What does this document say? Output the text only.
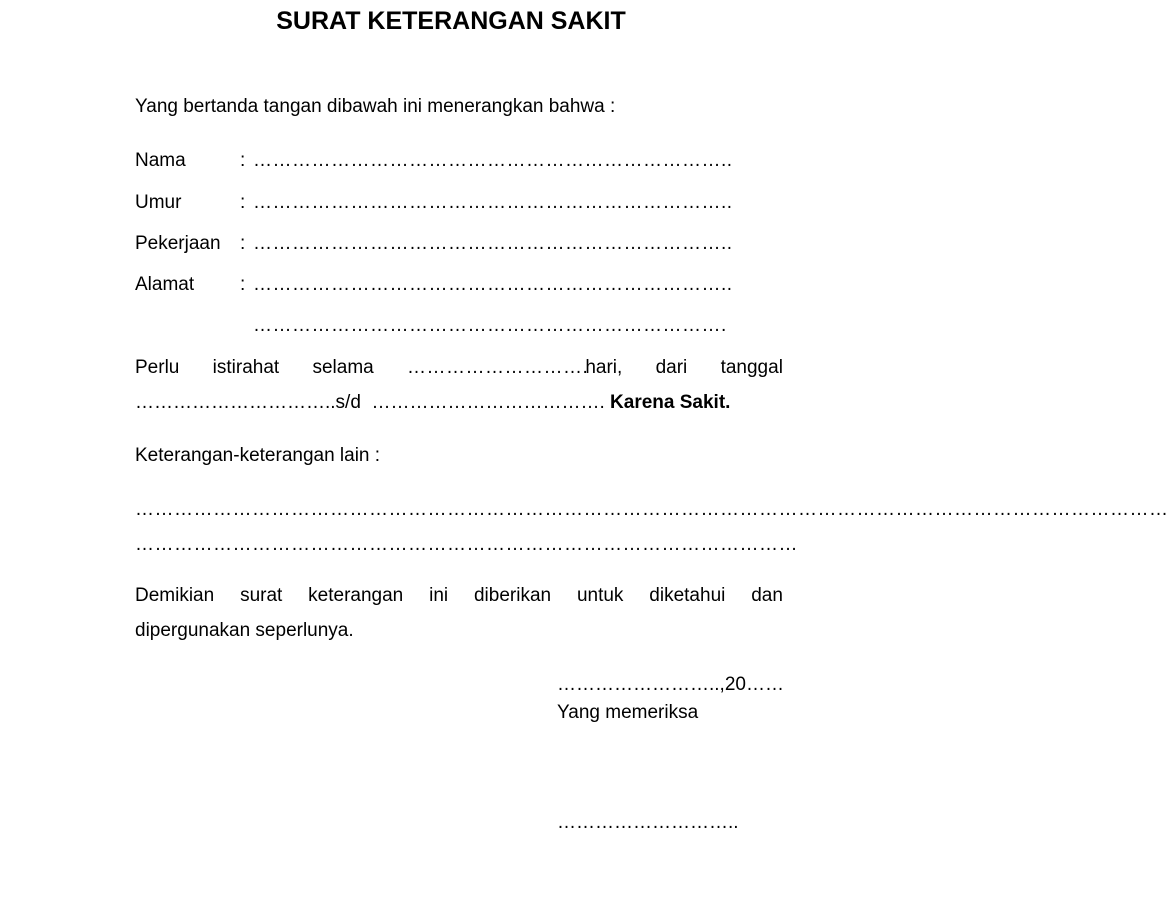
SURAT KETERANGAN SAKIT
Yang bertanda tangan dibawah ini menerangkan bahwa :
Nama	: ………………………………………………………………..
Umur	: ………………………………………………………………..
Pekerjaan : ………………………………………………………………..
Alamat : ………………………………………………………………..
……………………………………………………………….
Perlu istirahat selama ……………………….
hari, dari tanggal
…………………………..s/d ………………………………. Karena Sakit.
Keterangan-keterangan lain :
……………………………………………………………………………………………………………………………………………
…………………………………………………………………………………………
Demikian surat keterangan ini diberikan untuk diketahui dan
dipergunakan seperlunya.
……………………..,20……
Yang memeriksa
………………………..
